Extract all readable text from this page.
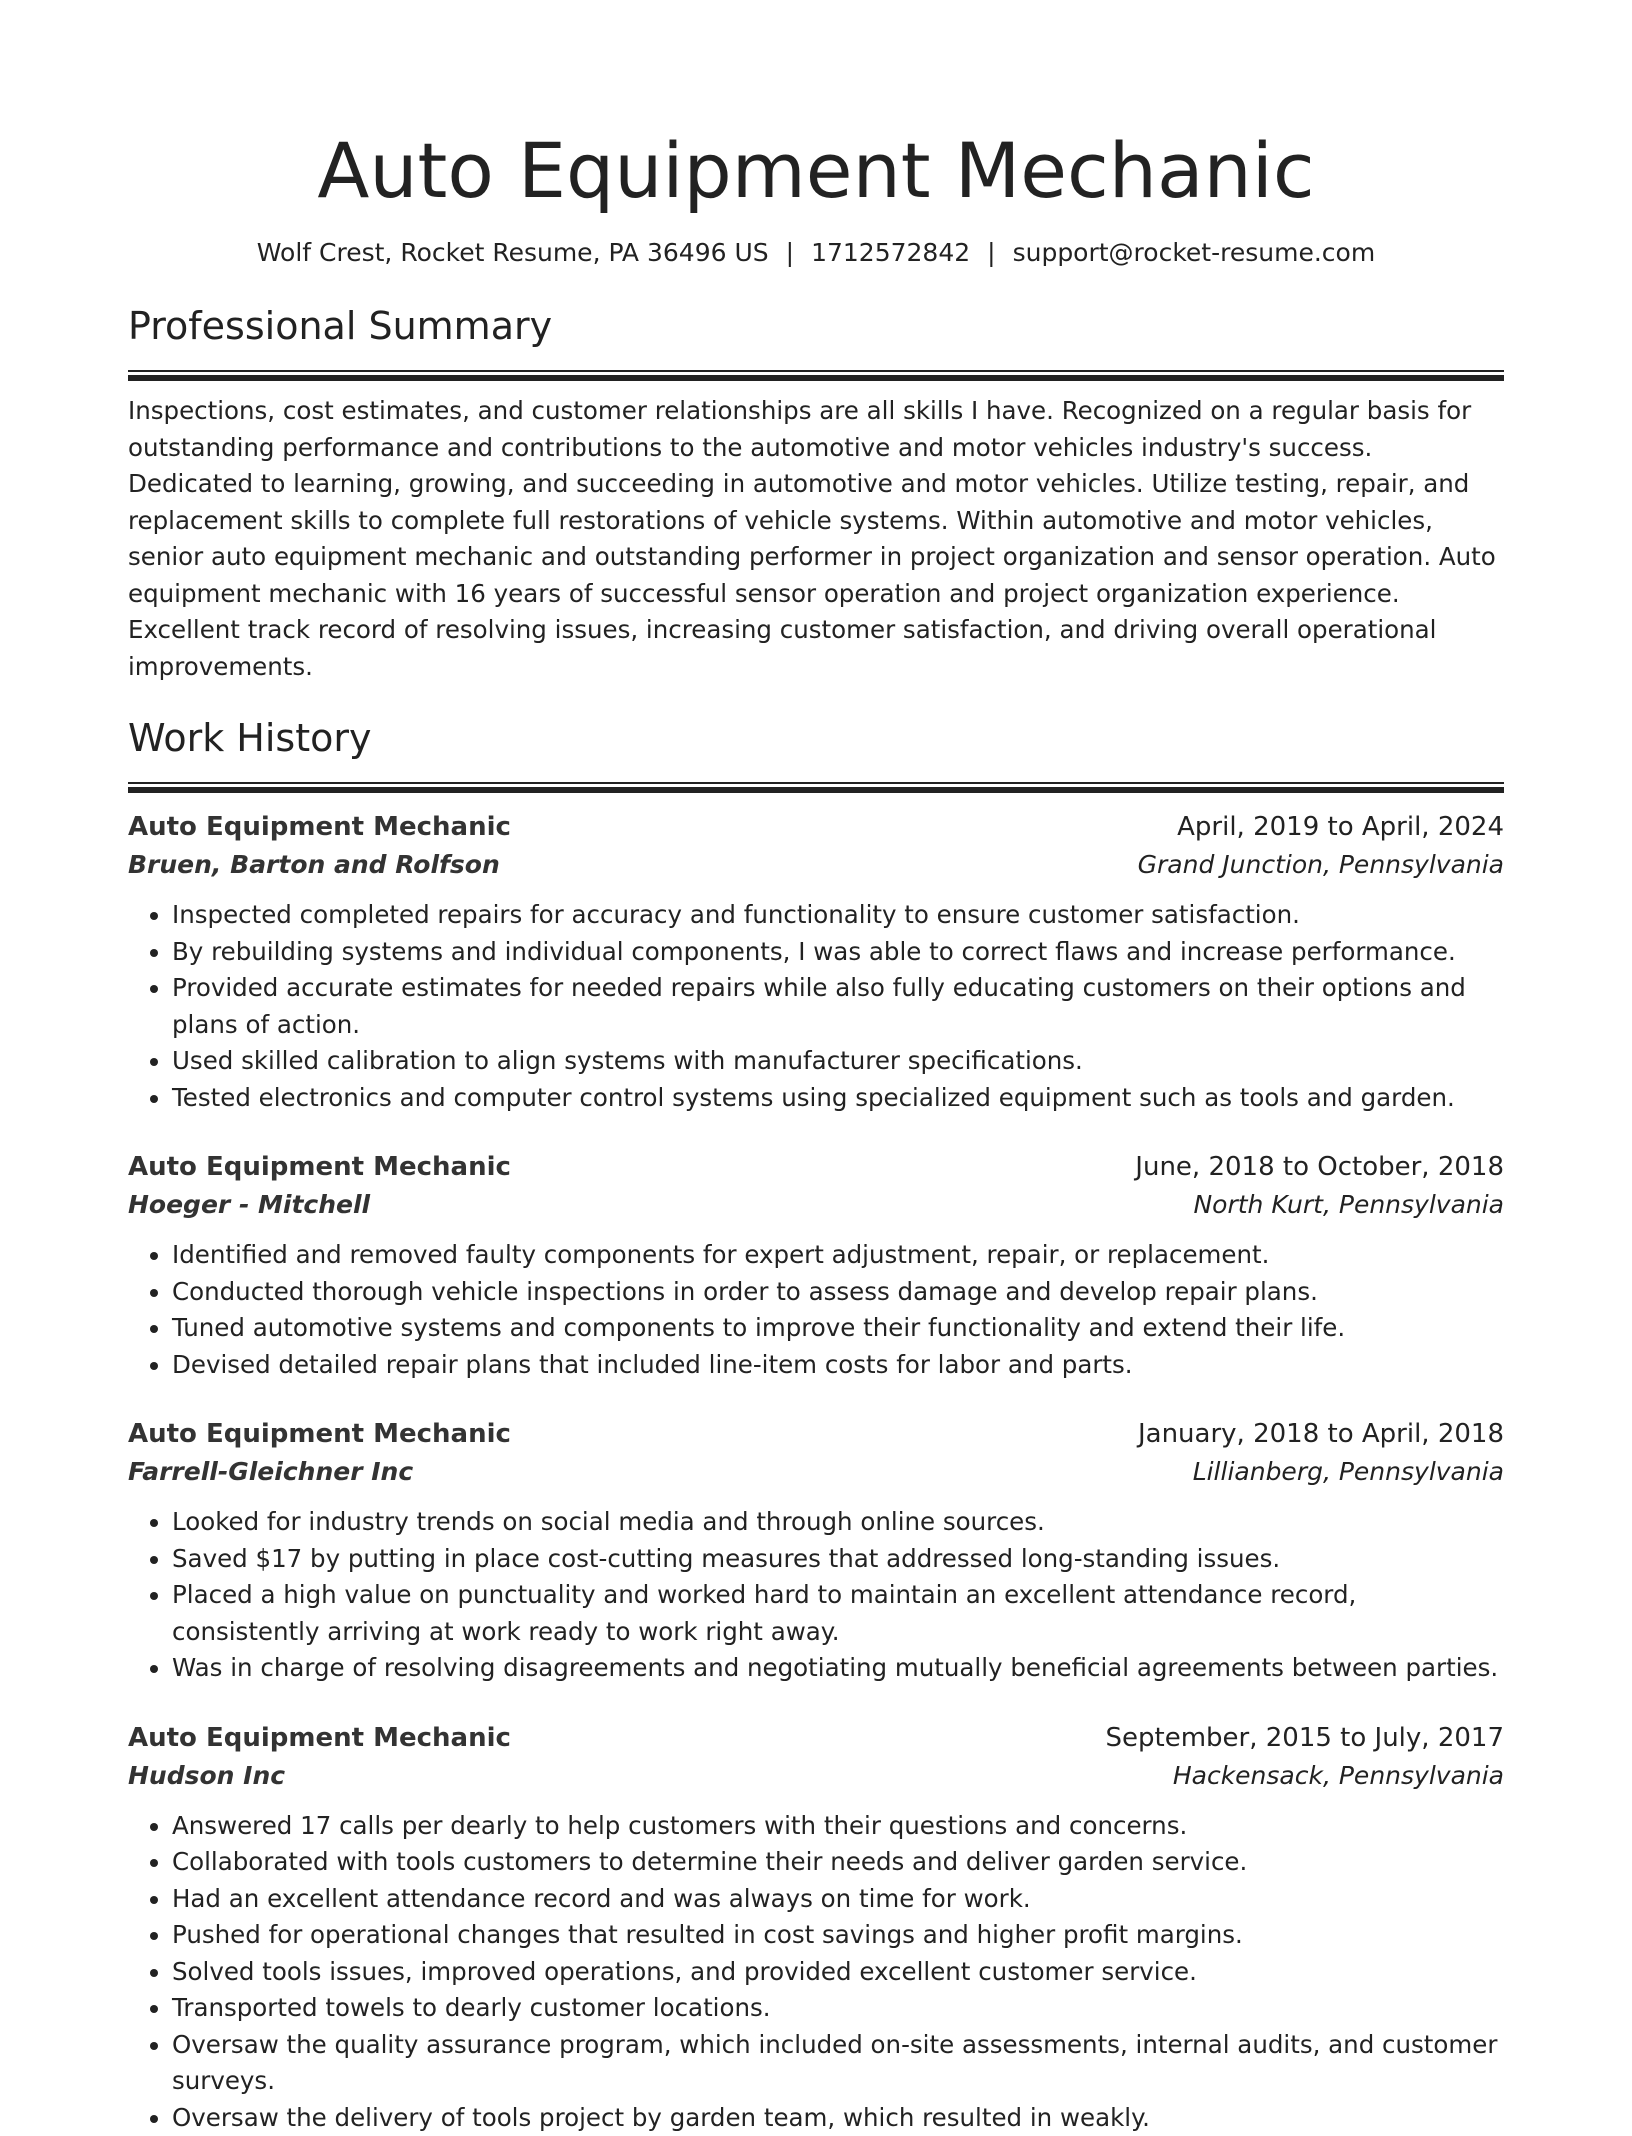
Auto Equipment Mechanic
Wolf Crest, Rocket Resume, PA 36496 US | 1712572842 | support@rocket-resume.com
Professional Summary

Inspections, cost estimates, and customer relationships are all skills I have. Recognized on a regular basis for outstanding performance and contributions to the automotive and motor vehicles industry's success. Dedicated to learning, growing, and succeeding in automotive and motor vehicles. Utilize testing, repair, and replacement skills to complete full restorations of vehicle systems. Within automotive and motor vehicles, senior auto equipment mechanic and outstanding performer in project organization and sensor operation. Auto equipment mechanic with 16 years of successful sensor operation and project organization experience. Excellent track record of resolving issues, increasing customer satisfaction, and driving overall operational improvements.

Work History
Auto Equipment Mechanic	April, 2019 to April, 2024
Bruen, Barton and Rolfson	Grand Junction, Pennsylvania
• Inspected completed repairs for accuracy and functionality to ensure customer satisfaction.
• By rebuilding systems and individual components, I was able to correct flaws and increase performance.
• Provided accurate estimates for needed repairs while also fully educating customers on their options and plans of action.
• Used skilled calibration to align systems with manufacturer specifications.
• Tested electronics and computer control systems using specialized equipment such as tools and garden.
Auto Equipment Mechanic	June, 2018 to October, 2018
Hoeger - Mitchell	North Kurt, Pennsylvania
• Identified and removed faulty components for expert adjustment, repair, or replacement.
• Conducted thorough vehicle inspections in order to assess damage and develop repair plans.
• Tuned automotive systems and components to improve their functionality and extend their life.
• Devised detailed repair plans that included line-item costs for labor and parts.
Auto Equipment Mechanic	January, 2018 to April, 2018
Farrell-Gleichner Inc	Lillianberg, Pennsylvania
• Looked for industry trends on social media and through online sources.
• Saved $17 by putting in place cost-cutting measures that addressed long-standing issues.
• Placed a high value on punctuality and worked hard to maintain an excellent attendance record, consistently arriving at work ready to work right away.
• Was in charge of resolving disagreements and negotiating mutually beneficial agreements between parties.
Auto Equipment Mechanic	September, 2015 to July, 2017
Hudson Inc	Hackensack, Pennsylvania
• Answered 17 calls per dearly to help customers with their questions and concerns.
• Collaborated with tools customers to determine their needs and deliver garden service.
• Had an excellent attendance record and was always on time for work.
• Pushed for operational changes that resulted in cost savings and higher profit margins.
• Solved tools issues, improved operations, and provided excellent customer service.
• Transported towels to dearly customer locations.
• Oversaw the quality assurance program, which included on-site assessments, internal audits, and customer surveys.
• Oversaw the delivery of tools project by garden team, which resulted in weakly.
